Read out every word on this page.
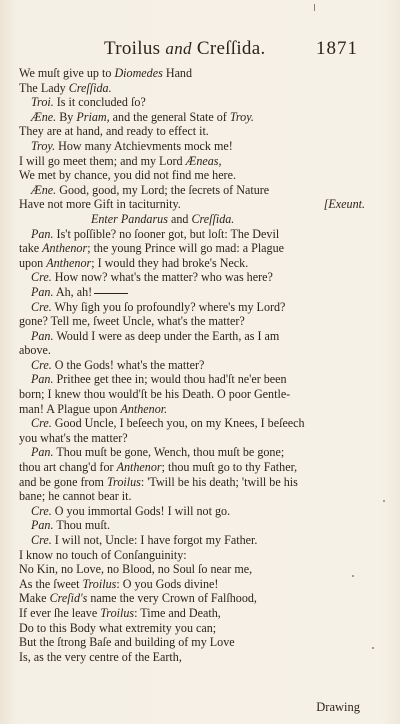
Troilus and Creſſida.	1871
We muſt give up to Diomedes Hand
The Lady Creſſida.
Troi. Is it concluded ſo?
Æne. By Priam, and the general State of Troy.
They are at hand, and ready to effect it.
Troy. How many Atchievments mock me!
I will go meet them; and my Lord Æneas,
We met by chance, you did not find me here.
Æne. Good, good, my Lord; the ſecrets of Nature
Have not more Gift in taciturnity.	[Exeunt.
Enter Pandarus and Creſſida.
Pan. Is't poſſible? no ſooner got, but loſt: The Devil
take Anthenor; the young Prince will go mad: a Plague
upon Anthenor; I would they had broke's Neck.
Cre. How now? what's the matter? who was here?
Pan. Ah, ah!
Cre. Why ſigh you ſo profoundly? where's my Lord?
gone? Tell me, ſweet Uncle, what's the matter?
Pan. Would I were as deep under the Earth, as I am
above.
Cre. O the Gods! what's the matter?
Pan. Prithee get thee in; would thou had'ſt ne'er been
born; I knew thou would'ſt be his Death. O poor Gentle-
man! A Plague upon Anthenor.
Cre. Good Uncle, I beſeech you, on my Knees, I beſeech
you what's the matter?
Pan. Thou muſt be gone, Wench, thou muſt be gone;
thou art chang'd for Anthenor; thou muſt go to thy Father,
and be gone from Troilus: 'Twill be his death; 'twill be his
bane; he cannot bear it.
Cre. O you immortal Gods! I will not go.
Pan. Thou muſt.
Cre. I will not, Uncle: I have forgot my Father.
I know no touch of Conſanguinity:
No Kin, no Love, no Blood, no Soul ſo near me,
As the ſweet Troilus: O you Gods divine!
Make Creſid's name the very Crown of Falſhood,
If ever ſhe leave Troilus: Time and Death,
Do to this Body what extremity you can;
But the ſtrong Baſe and building of my Love
Is, as the very centre of the Earth,
Drawing
